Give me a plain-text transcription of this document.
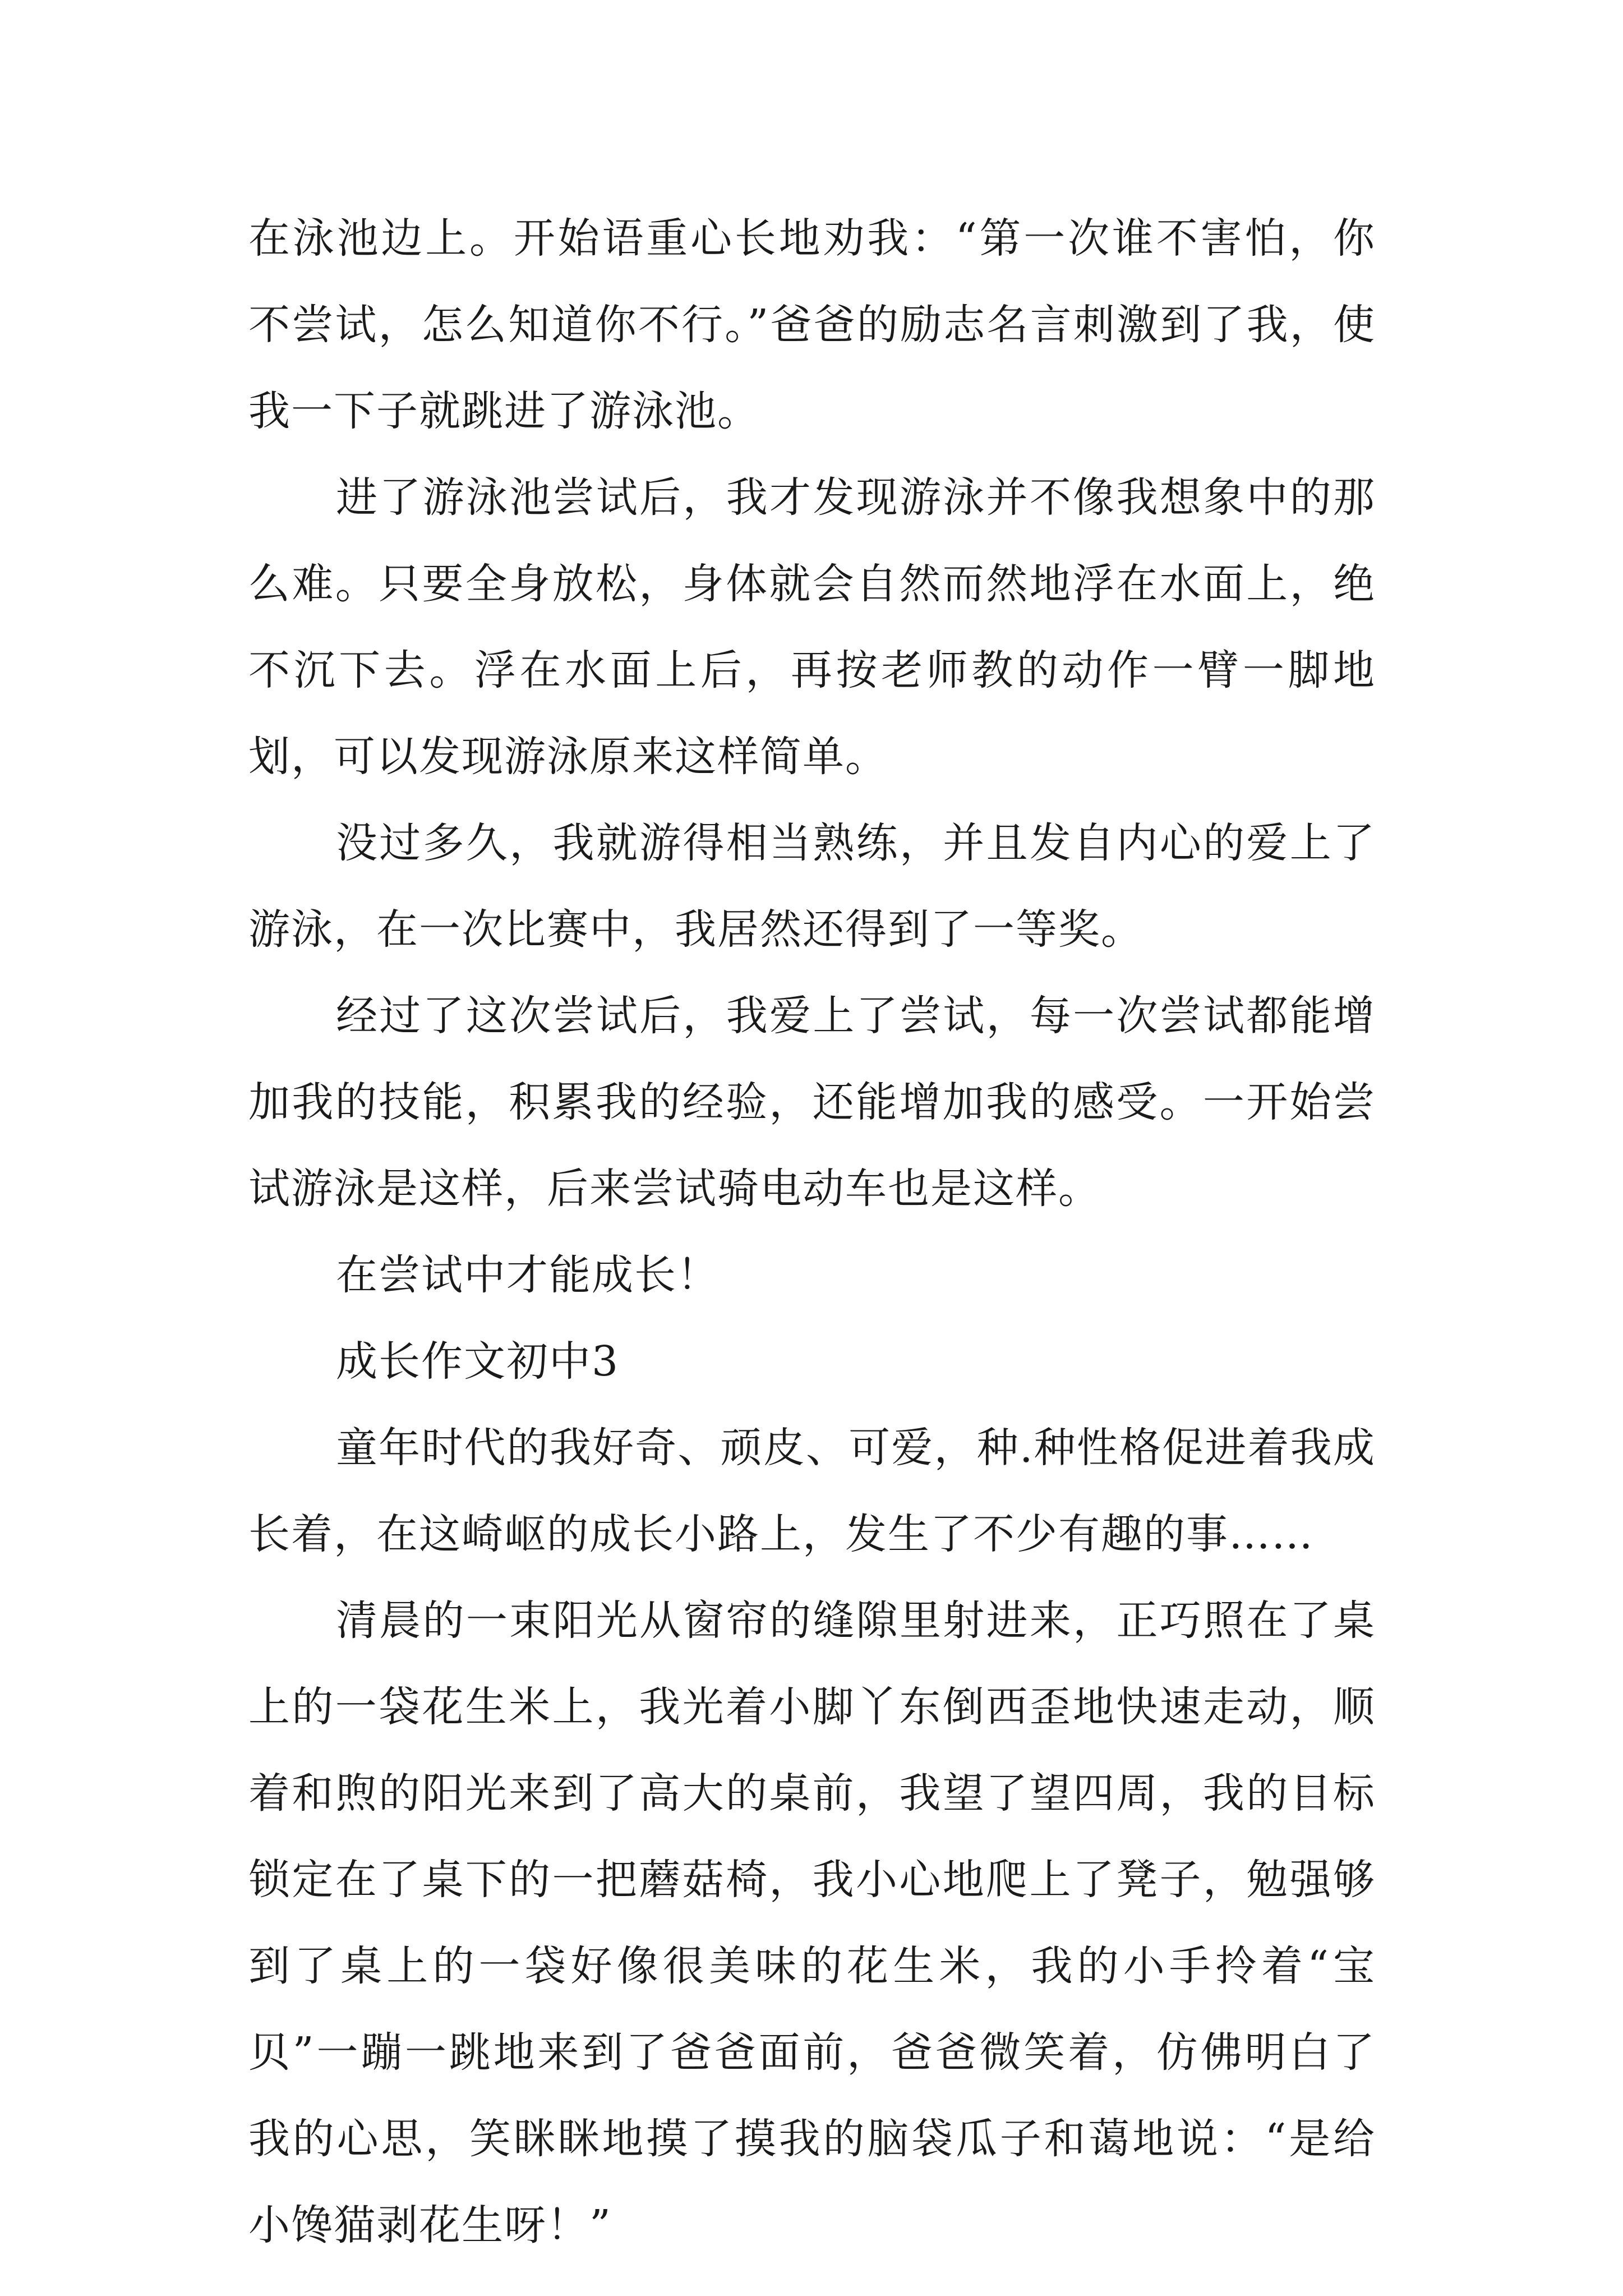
在泳池边上。开始语重心长地劝我：“第一次谁不害怕，你不尝试，怎么知道你不行。”爸爸的励志名言刺激到了我，使我一下子就跳进了游泳池。

进了游泳池尝试后，我才发现游泳并不像我想象中的那么难。只要全身放松，身体就会自然而然地浮在水面上，绝不沉下去。浮在水面上后，再按老师教的动作一臂一脚地划，可以发现游泳原来这样简单。

没过多久，我就游得相当熟练，并且发自内心的爱上了游泳，在一次比赛中，我居然还得到了一等奖。

经过了这次尝试后，我爱上了尝试，每一次尝试都能增加我的技能，积累我的经验，还能增加我的感受。一开始尝试游泳是这样，后来尝试骑电动车也是这样。

在尝试中才能成长！

成长作文初中3

童年时代的我好奇、顽皮、可爱，种.种性格促进着我成长着，在这崎岖的成长小路上，发生了不少有趣的事……

清晨的一束阳光从窗帘的缝隙里射进来，正巧照在了桌上的一袋花生米上，我光着小脚丫东倒西歪地快速走动，顺着和煦的阳光来到了高大的桌前，我望了望四周，我的目标锁定在了桌下的一把蘑菇椅，我小心地爬上了凳子，勉强够到了桌上的一袋好像很美味的花生米，我的小手拎着“宝贝”一蹦一跳地来到了爸爸面前，爸爸微笑着，仿佛明白了我的心思，笑眯眯地摸了摸我的脑袋瓜子和蔼地说：“是给小馋猫剥花生呀！”
